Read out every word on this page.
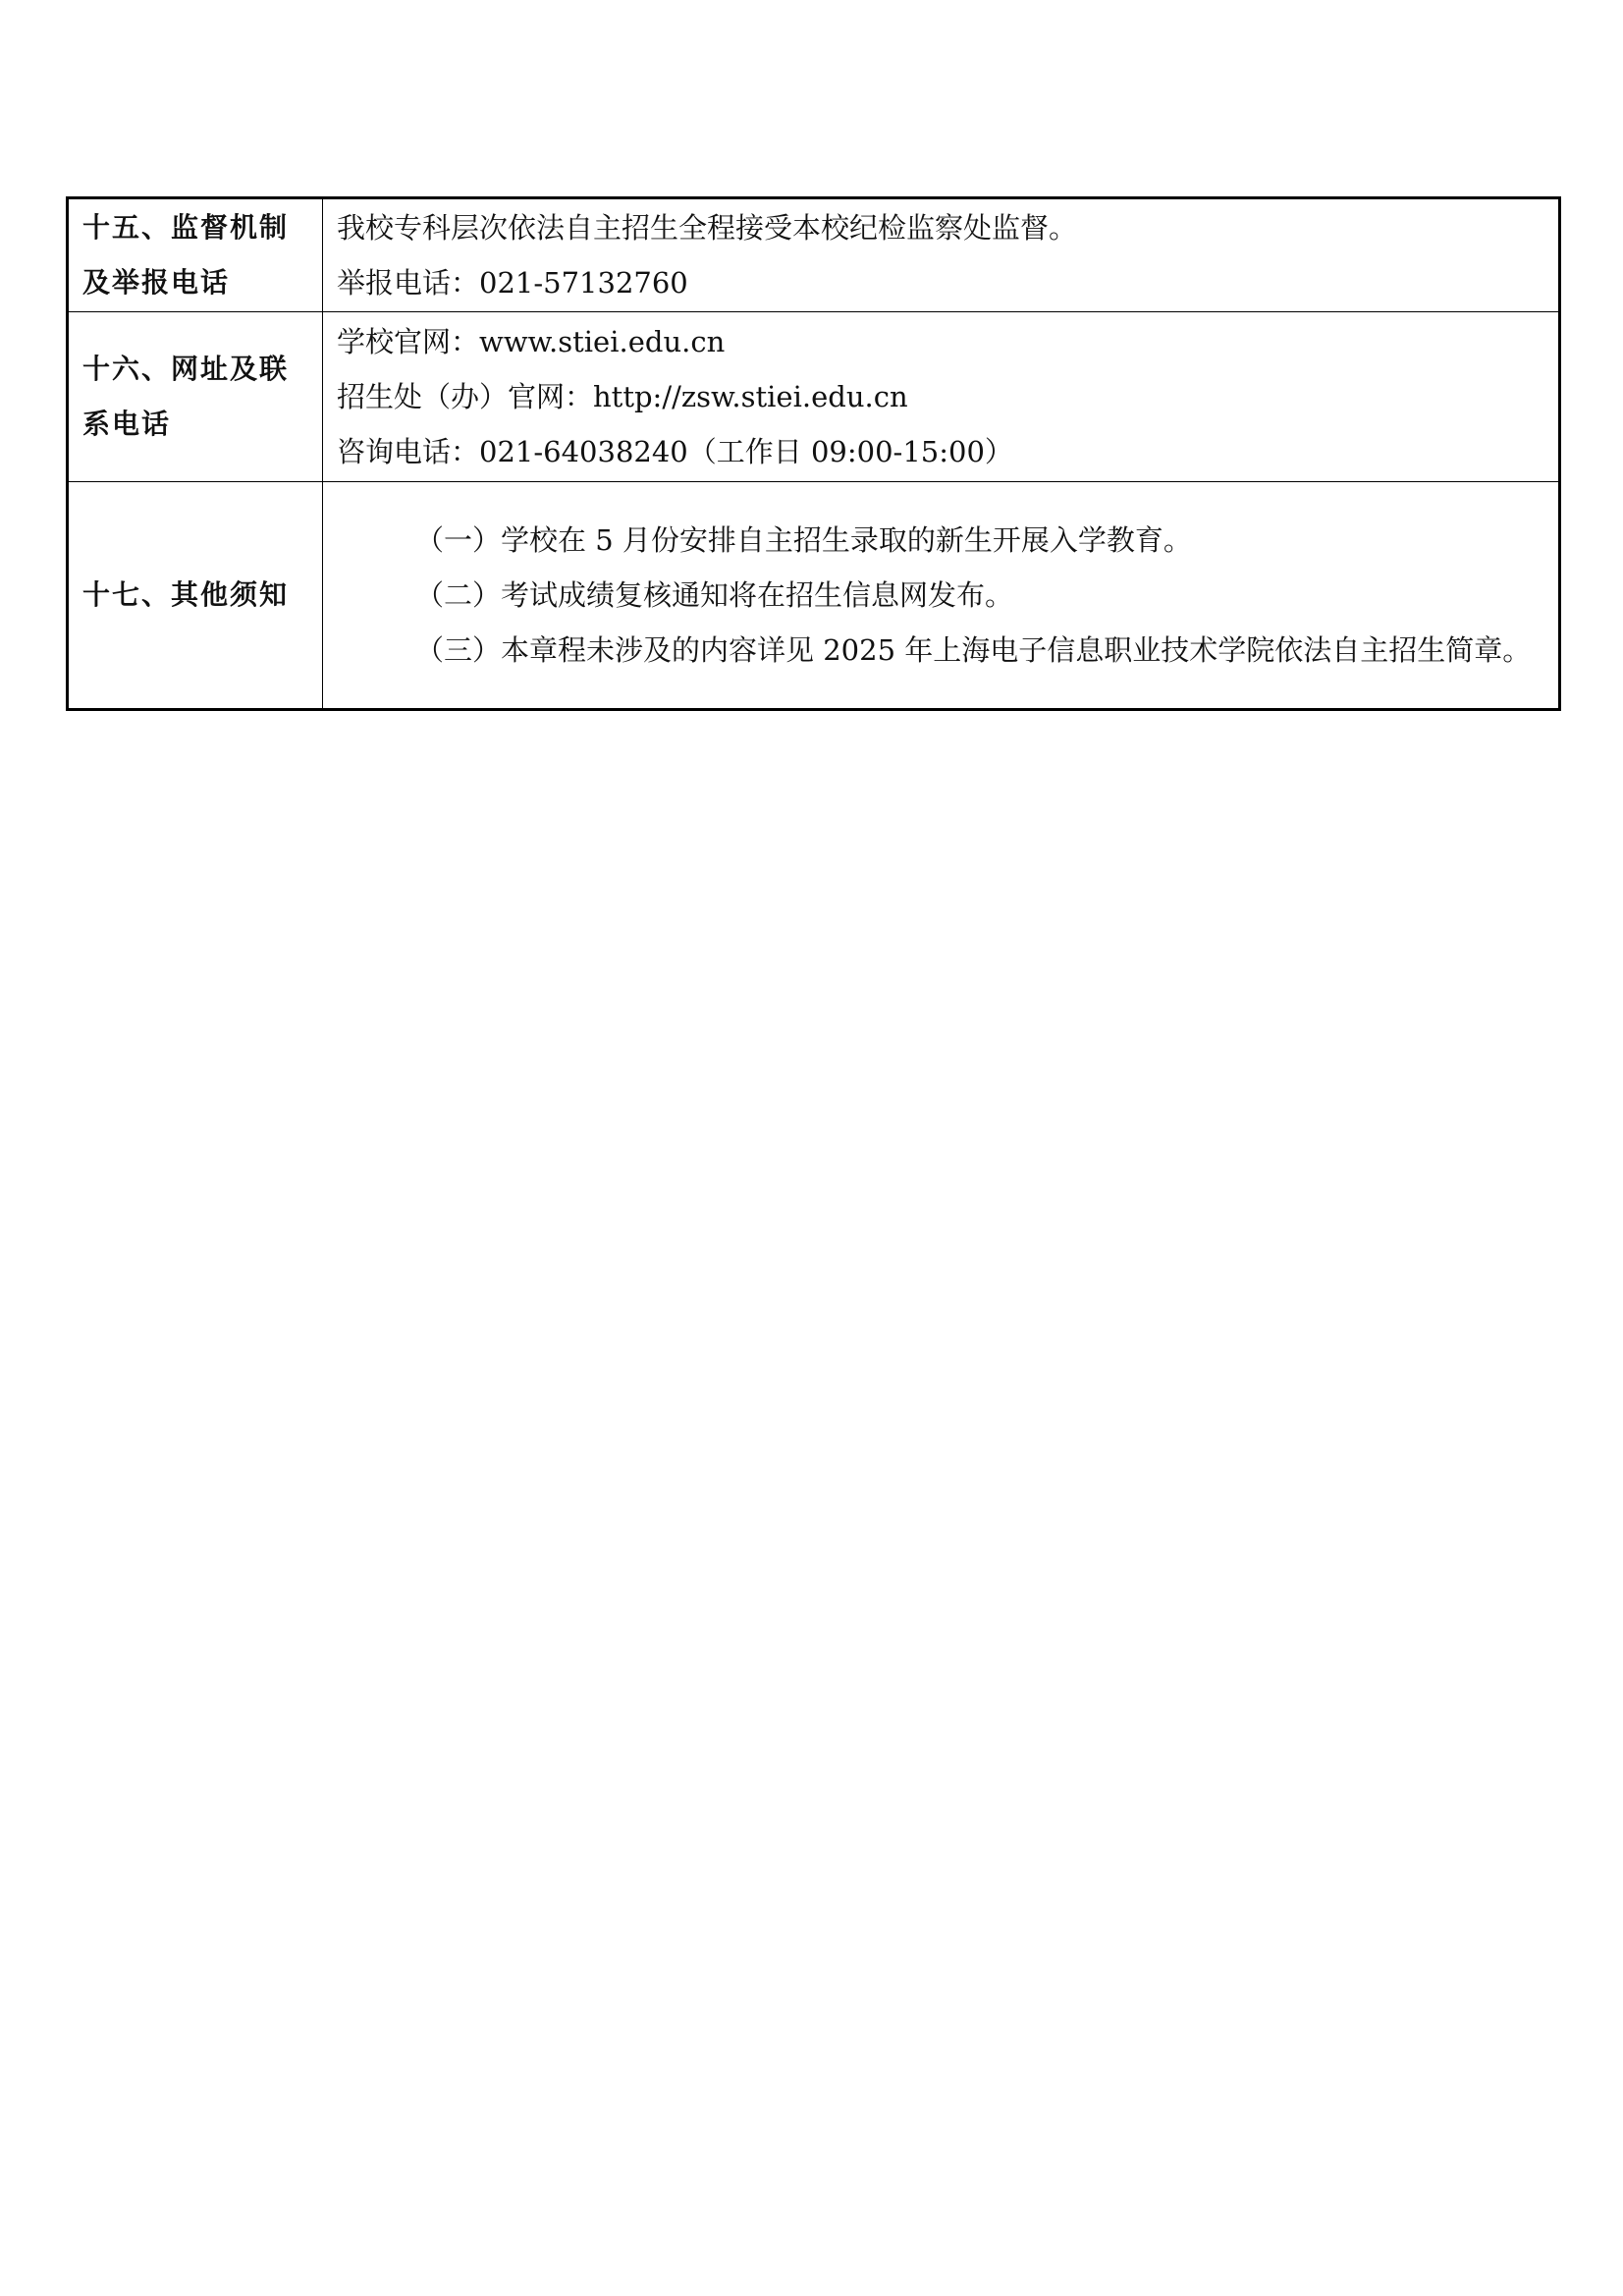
十五、监督机制及举报电话	我校专科层次依法自主招生全程接受本校纪检监察处监督。
举报电话：021-57132760

十六、网址及联系电话	学校官网：www.stiei.edu.cn
招生处（办）官网：http://zsw.stiei.edu.cn
咨询电话：021-64038240（工作日 09:00-15:00）

十七、其他须知	（一）学校在 5 月份安排自主招生录取的新生开展入学教育。
（二）考试成绩复核通知将在招生信息网发布。
（三）本章程未涉及的内容详见 2025 年上海电子信息职业技术学院依法自主招生简章。
